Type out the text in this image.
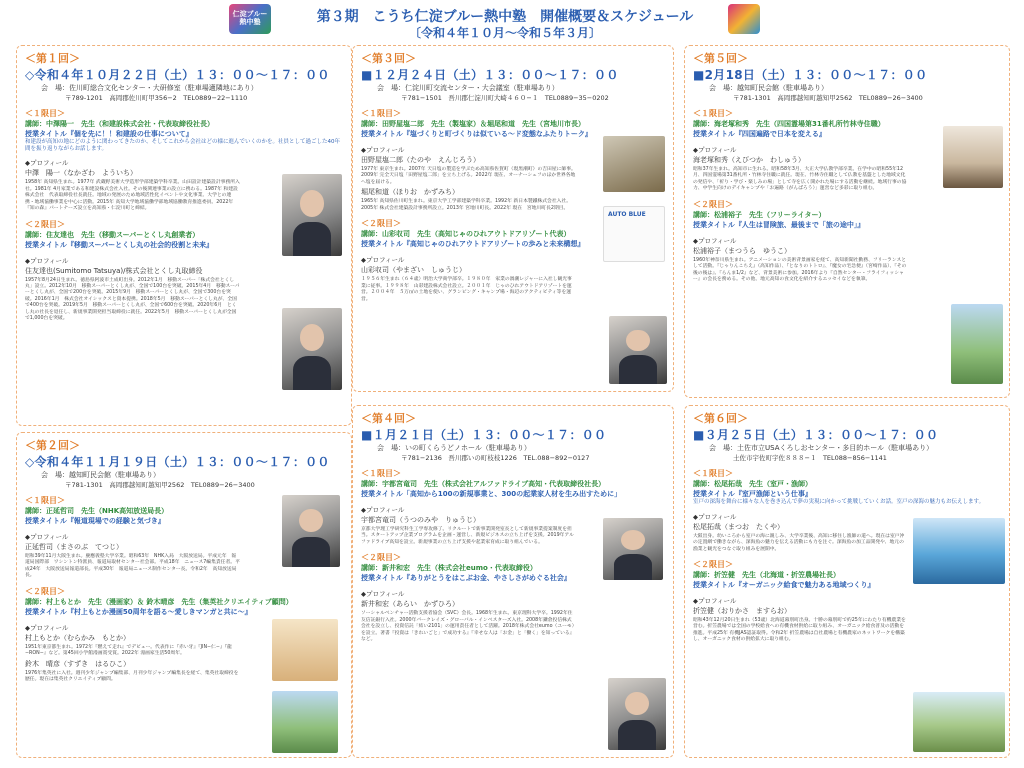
仁淀ブルー 熱中塾	第３期　こうち仁淀ブルー熱中塾　開催概要＆スケジュール
〔令和４年１０月〜令和５年３月〕
＜第１回＞
◇令和４年１０月２２日（土）１３：００〜１７：００
会　場：佐川町総合文化センター・大研修室（駐車場適隣地にあり）
〒789-1201　高岡郡佐川町甲356−2　TEL0889−22−1110
＜１限目＞
講師：中澤陽一　先生（和建設株式会社・代表取締役社長）
授業タイトル『個を先に！！和建設の仕事について』
和建設が高知の地にどのように関わってきたのか、そしてこれから会社はどの様に進んでいくのかを。社員として過ごした40年間を振り返りながらお話します。
◆プロフィール
中澤　陽一（なかざわ　よういち）
1958年 高知県生まれ。1977年 武蔵野美術大学造形学部建築学科卒業。山田設計建築設計事務所入社。1981年 4月家業である和建設株式会社入社。その後関連事業の設立に携わる。1987年 和建設株式会社　代表取締役社長就任。地域の発展のため地域活性化イベントや文化事業、大学との連携・地域協働事業を中心に活動。2015年 高知大学地域協働学部地域協働教育推進委員。2022年『知の森』パートナーズ設立を高知県・仁淀川町と締結。
＜２限目＞
講師：住友達也　先生（移動スーパーとくし丸創業者）
授業タイトル『移動スーパーとくし丸の社会的役割と未来』
◆プロフィール
住友達也(Sumitomo Tatsuya)/株式会社とくし丸取締役
1957年8月24日生まれ。徳島県阿波市土成町出身。2012年1月　移動スーパー「株式会社とくし丸」設立。2012年10月　移動スーパーとくし丸が、全国で100台を突破。2015年4月　移動スーパーとくし丸が、全国で200台を突破。2015年9月　移動スーパーとくし丸が、全国で300台を突破。2016年1月　株式会社オイシックスと資本提携。2018年5月　移動スーパーとくし丸が、全国で400台を突破。2019年5月　移動スーパーとくし丸が、全国で600台を突破。2020年6月　とくし丸の社長を退任し、新規事業開発担当取締役に就任。2022年5月　移動スーパーとくし丸が全国で1,000台を突破。
＜第２回＞
◇令和４年１１月１９日（土）１３：００〜１７：００
会　場：越知町民会館（駐車場あり）
〒781-1301　高岡郡越知町越知甲2562　TEL0889−26−3400
＜１限目＞
講師：正延哲司　先生（NHK高知放送局長）
授業タイトル『報道現場での経験と気づき』
◆プロフィール
正延哲司（まさのぶ　てつじ）
昭和39年11月大阪生まれ。慶應義塾大学卒業。昭和63年　NHK入局　大阪放送局。平成元年　報道局国際部　ワシントン特派員、報道局取材センター社会部。平成18年　ニュース7編集責任者。平成24年　大阪放送局報道部長。平成30年　報道局ニュース制作センター長。令和2年　高知放送局長。
＜２限目＞
講師：村上もとか　先生（漫画家）＆ 鈴木晴彦　先生（集英社クリエイティブ顧問）
授業タイトル『村上もとか漫画50周年を語る〜愛しきマンガと共に〜』
◆プロフィール
村上もとか（むらかみ　もとか）
1951年東京都生まれ。1972年『燃えて走れ』でデビュー。代表作に『赤い牙』『JIN−仁−』『龍−RON−』など。第45回小学館漫画賞受賞。2022年 漫画家生活50周年。
鈴木　晴彦（すずき　はるひこ）
1976年集英社に入社。週刊少年ジャンプ編集部、月刊少年ジャンプ編集長を経て、集英社取締役を歴任。現在は集英社クリエイティブ顧問。
＜第３回＞
■１２月２４日（土）１３：００〜１７：００
会　場：仁淀川町交流センター・大会議室（駐車場あり）
〒781−1501　吾川郡仁淀川町大崎４６０−１　TEL0889−35−0202
＜１限目＞
講師：田野屋塩二郎　先生（製塩家）＆堀尾和道　先生（宮地川市長）
授業タイトル『塩づくりと町づくりは似ている〜ド変態なふたりトーク』
◆プロフィール
田野屋塩二郎（たのや　えんじろう）
1977年 東京生まれ。2007年 天日塩の製造を学ぶため高知県佐賀町（現黒潮町）の吉田屋に師事。2009年 完全天日塩「田野屋塩二郎」を立ち上げる。2022年 現在、オーナーシェフのほか世界各地へ塩を届ける。
堀尾和道（ほりお　かずみち）
1965年 高知県佐川町生まれ。東京大学工学部建築学科卒業。1992年 新日本製鐵株式会社入社。2005年 株式会社建築設計事務所設立。2013年 宮地川町長。2022年 現在　宮地川町長2期目。
＜２限目＞
講師：山彩収司　先生（高知じゃのひれアウトドアリゾート代表）
授業タイトル『高知じゃのひれアウトドアリゾートの歩みと未来構想』
◆プロフィール
山彩収司（やまざい　しゅうじ）
１９５６年生まれ（６４歳）明治大学商学部卒。１９８０年　家業の渦潮レジャーに入社し観光事業に従事。１９９８年　山彩建設株式会社設立。２００１年　じゃのひれアウトドアリゾートを運営。２００４年　５万㎡の土地を使い、グランピング・キャンプ場・海辺のアクティビティ等を運営。
AUTO BLUE
＜第４回＞
■１月２１日（土）１３：００〜１７：００
会　場：いの町くらうどノホール（駐車場あり）
〒781−2136　吾川郡いの町枝枝1226　TEL.088−892−0127
＜１限目＞
講師：宇都宮竜司　先生（株式会社アルファドライブ高知・代表取締役社長）
授業タイトル「高知から100の新規事業と、300の起業家人材を生み出すために」
◆プロフィール
宇都宮竜司（うつのみや　りゅうじ）
京都大学理工学研究科生工学専攻修了。リクルートで新事業開発室長として新規事業提案制度を担当。スタートアップ企業プログラムを企画・運営し、新規ビジネスの立ち上げを支援。2019年アルファドライブ高知を設立。新規事業の立ち上げ支援や起業家育成に取り組んでいる。
＜２限目＞
講師：新井和宏　先生（株式会社eumo・代表取締役）
授業タイトル『ありがとうをはこぶお金、やさしさがめぐる社会』
◆プロフィール
新井和宏（あらい　かずひろ）
ソーシャルベンチャー活動支援者協会（SVC）会長。1968年生まれ。東京理科大学卒。1992年住友信託銀行入社。2000年バークレイズ・グローバル・インベスターズ入社。2008年鎌倉投信株式会社を設立し、投資信託「結い2101」の運用責任者として活躍。2018年株式会社eumo（ユーモ）を設立。著書『投資は「きれいごと」で成功する』『幸せな人は「お金」と「働く」を知っている』など。
＜第５回＞
■2月18日（土）１３：００〜１７：００
会　場：越知町民会館（駐車場あり）
〒781-1301　高岡郡越知町越知甲2562　TEL0889−26−3400
＜１限目＞
講師：海老塚和秀　先生（四国霊場第31番札所竹林寺住職）
授業タイトル『四国遍路で日本を変える』
◆プロフィール
海老塚和秀（えびつか　わしゅう）
昭和37年生まれ。高知市に生れる。昭和58年3月、大正大学仏教学部卒業。在学中の昭和55年12月、四国霊場第31番札所・竹林寺住職に就任。現在、竹林寺住職として仏教を基盤とした地域文化の発信や、「祈り・学び・楽しみの場」として寺を広く開かれた場にする活動を継続。地域行事の協力、中学生向けのデイキャンプや「お遍路（がんばろう）」運営など多彩に取り組む。
＜２限目＞
講師：松浦裕子　先生（フリーライター）
授業タイトル『人生は冒険旅、最後まで「旅の途中」』
◆プロフィール
松浦裕子（まつうら　ゆうこ）
1960年神奈川県生まれ。アニメーションの美術背景画家を経て、高知新聞社勤務、フリーランスとして活動。『じゃりんこちえ』（高知作品）、『となりのトトロ』、『魔女の宅急便』（宮崎作品）、『その後の後は』、『らんま1/2』など、背景美術に参加。2016年より『自然センター・フライフィッシャー』の会長を務める。その他、地元高知の食文化を紹介するエッセイなどを執筆。
＜第６回＞
■３月２５日（土）１３：００〜１７：００
会　場：土佐市立USAくろしおセンター・多目的ホール（駐車場あり）
土佐市宇佐町宇佐８８８−１　TEL088−856−1141
＜１限目＞
講師：松尾拓哉　先生（室戸・漁師）
授業タイトル『室戸漁師という仕事』
室戸の深海を舞台に様々な人を巻き込んで夢の実現に向かって挑戦していくお話。室戸の深海の魅力もお伝えします。
◆プロフィール
松尾拓哉（まつお　たくや）
大阪出身。幼いころから室戸の海に親しみ、大学卒業後、高知に移住し漁師の道へ。現在は室戸沖の定置網で働きながら、深海魚の魅力を伝える活動にも力を注ぐ。深海魚の加工品開発や、地元の漁業と観光をつなぐ取り組みを展開中。
＜２限目＞
講師：折笠健　先生（北海道・折笠農場社長）
授業タイトル『オーガニック給食で魅力ある地域つくり』
◆プロフィール
折笠健（おりかさ　ますらお）
昭和43年12月20日生まれ（53歳）北海道幕別町出身。十勝の幕別町で約25年にわたり有機農業を営む。折笠農場では全国の学校給食への有機食材供給に取り組み、オーガニック給食普及の活動を推進。平成25年 有機JAS認証取得。令和2年 折笠農場は自社農場と有機農家のネットワークを構築し、オーガニック食材の供給拡大に取り組む。
